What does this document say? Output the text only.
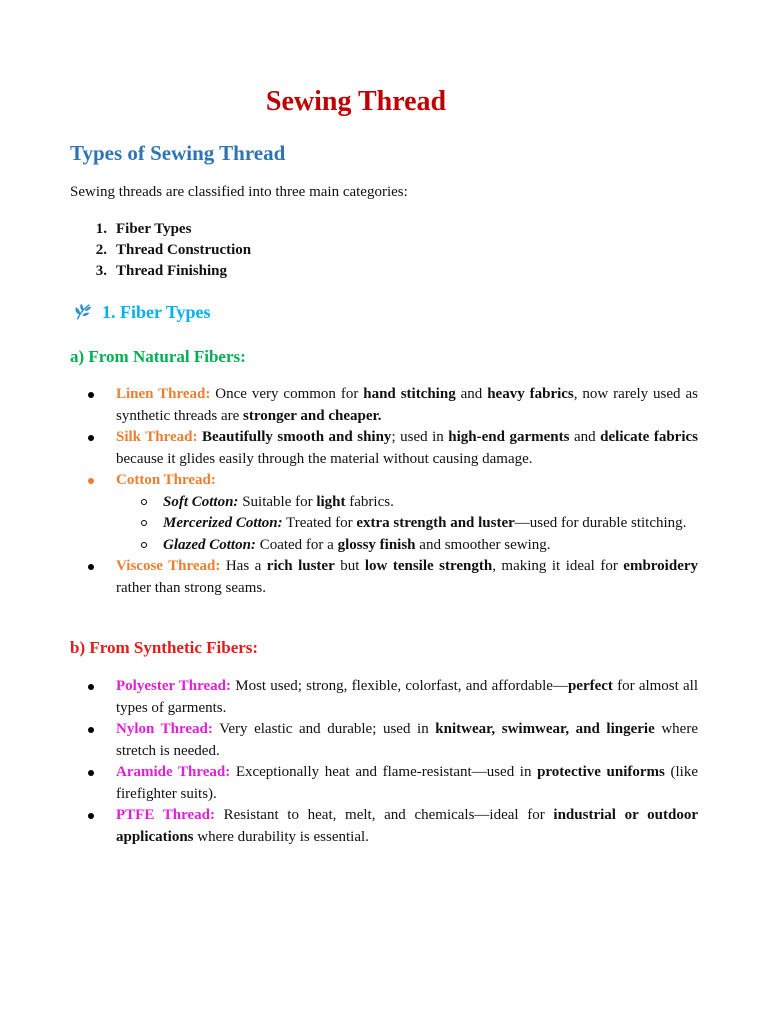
Sewing Thread
Types of Sewing Thread

Sewing threads are classified into three main categories:

1. Fiber Types
2. Thread Construction
3. Thread Finishing
1. Fiber Types
a) From Natural Fibers:
Linen Thread: Once very common for hand stitching and heavy fabrics, now rarely used as synthetic threads are stronger and cheaper.
Silk Thread: Beautifully smooth and shiny; used in high-end garments and delicate fabrics because it glides easily through the material without causing damage.
Cotton Thread:
Soft Cotton: Suitable for light fabrics.
Mercerized Cotton: Treated for extra strength and luster—used for durable stitching.
Glazed Cotton: Coated for a glossy finish and smoother sewing.
Viscose Thread: Has a rich luster but low tensile strength, making it ideal for embroidery rather than strong seams.
b) From Synthetic Fibers:
Polyester Thread: Most used; strong, flexible, colorfast, and affordable—perfect for almost all types of garments.
Nylon Thread: Very elastic and durable; used in knitwear, swimwear, and lingerie where stretch is needed.
Aramide Thread: Exceptionally heat and flame-resistant—used in protective uniforms (like firefighter suits).
PTFE Thread: Resistant to heat, melt, and chemicals—ideal for industrial or outdoor applications where durability is essential.
